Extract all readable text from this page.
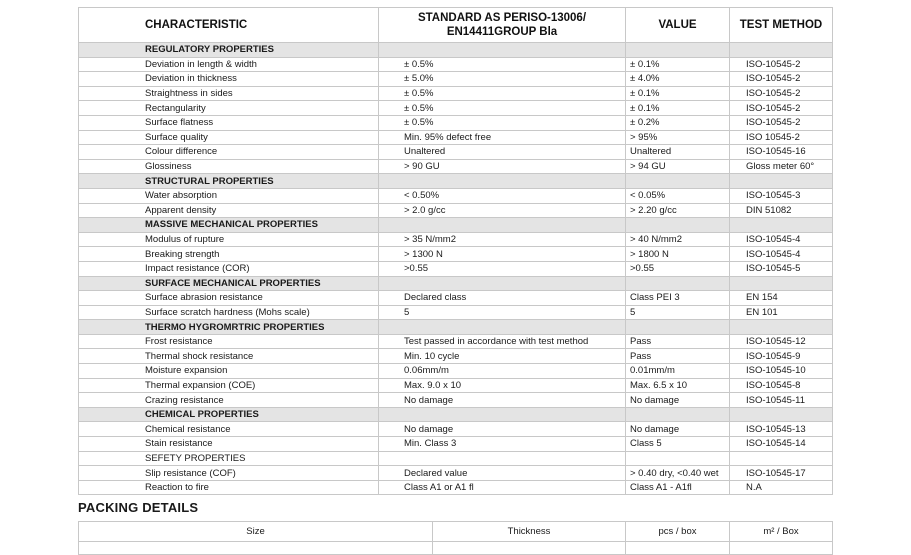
CHARACTERISTIC	STANDARD AS PERISO-13006/
EN14411GROUP Bla	VALUE	TEST METHOD
REGULATORY PROPERTIES			
Deviation in length & width	± 0.5%	± 0.1%	ISO-10545-2
Deviation in thickness	± 5.0%	± 4.0%	ISO-10545-2
Straightness in sides	± 0.5%	± 0.1%	ISO-10545-2
Rectangularity	± 0.5%	± 0.1%	ISO-10545-2
Surface flatness	± 0.5%	± 0.2%	ISO-10545-2
Surface quality	Min. 95% defect free	> 95%	ISO 10545-2
Colour difference	Unaltered	Unaltered	ISO-10545-16
Glossiness	> 90 GU	> 94 GU	Gloss meter 60°
STRUCTURAL PROPERTIES			
Water absorption	< 0.50%	< 0.05%	ISO-10545-3
Apparent density	> 2.0 g/cc	> 2.20 g/cc	DIN 51082
MASSIVE MECHANICAL PROPERTIES			
Modulus of rupture	> 35 N/mm2	> 40 N/mm2	ISO-10545-4
Breaking strength	> 1300 N	> 1800 N	ISO-10545-4
Impact resistance (COR)	>0.55	>0.55	ISO-10545-5
SURFACE MECHANICAL PROPERTIES			
Surface abrasion resistance	Declared class	Class PEI 3	EN 154
Surface scratch hardness (Mohs scale)	5	5	EN 101
THERMO HYGROMRTRIC PROPERTIES			
Frost resistance	Test passed in accordance with test method	Pass	ISO-10545-12
Thermal shock resistance	Min. 10 cycle	Pass	ISO-10545-9
Moisture expansion	0.06mm/m	0.01mm/m	ISO-10545-10
Thermal expansion (COE)	Max. 9.0 x 10	Max. 6.5 x 10	ISO-10545-8
Crazing resistance	No damage	No damage	ISO-10545-11
CHEMICAL PROPERTIES			
Chemical resistance	No damage	No damage	ISO-10545-13
Stain resistance	Min. Class 3	Class 5	ISO-10545-14
SEFETY PROPERTIES			
Slip resistance (COF)	Declared value	> 0.40 dry, <0.40 wet	ISO-10545-17
Reaction to fire	Class A1 or A1 fl	Class A1 - A1fl	N.A
PACKING DETAILS
Size	Thickness	pcs / box	m² / Box
